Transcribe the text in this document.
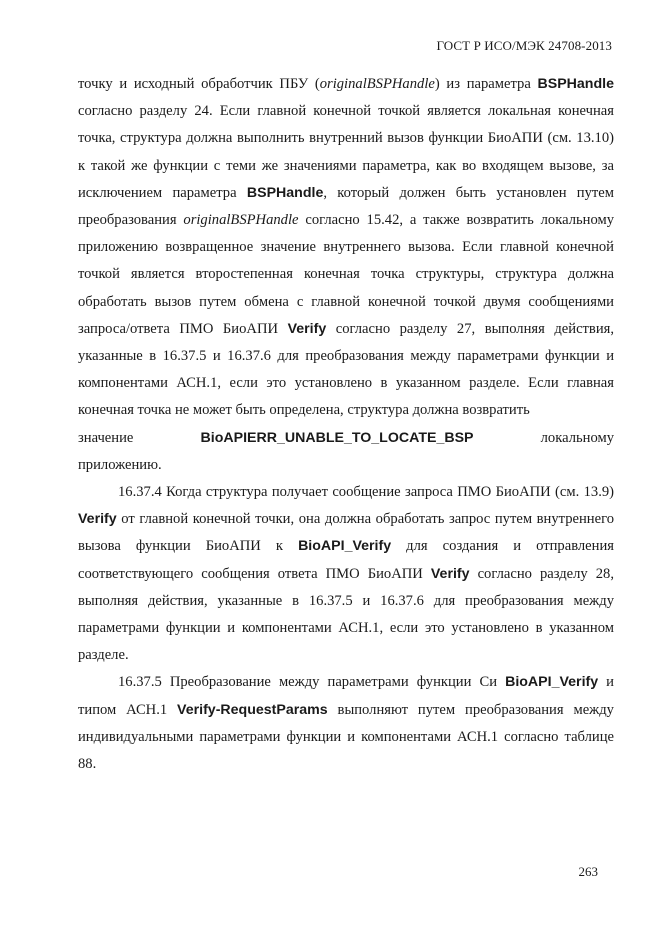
ГОСТ Р ИСО/МЭК 24708-2013

точку и исходный обработчик ПБУ (originalBSPHandle) из параметра BSPHandle согласно разделу 24. Если главной конечной точкой является локальная конечная точка, структура должна выполнить внутренний вызов функции БиоАПИ (см. 13.10) к такой же функции с теми же значениями параметра, как во входящем вызове, за исключением параметра BSPHandle, который должен быть установлен путем преобразования originalBSPHandle согласно 15.42, а также возвратить локальному приложению возвращенное значение внутреннего вызова. Если главной конечной точкой является второстепенная конечная точка структуры, структура должна обработать вызов путем обмена с главной конечной точкой двумя сообщениями запроса/ответа ПМО БиоАПИ Verify согласно разделу 27, выполняя действия, указанные в 16.37.5 и 16.37.6 для преобразования между параметрами функции и компонентами АСН.1, если это установлено в указанном разделе. Если главная конечная точка не может быть определена, структура должна возвратить

значение	BioAPIERR_UNABLE_TO_LOCATE_BSP	локальному

приложению.

16.37.4 Когда структура получает сообщение запроса ПМО БиоАПИ (см. 13.9) Verify от главной конечной точки, она должна обработать запрос путем внутреннего вызова функции БиоАПИ к BioAPI_Verify для создания и отправления соответствующего сообщения ответа ПМО БиоАПИ Verify согласно разделу 28, выполняя действия, указанные в 16.37.5 и 16.37.6 для преобразования между параметрами функции и компонентами АСН.1, если это установлено в указанном разделе.

16.37.5 Преобразование между параметрами функции Си BioAPI_Verify и типом АСН.1 Verify-RequestParams выполняют путем преобразования между индивидуальными параметрами функции и компонентами АСН.1 согласно таблице 88.

263
